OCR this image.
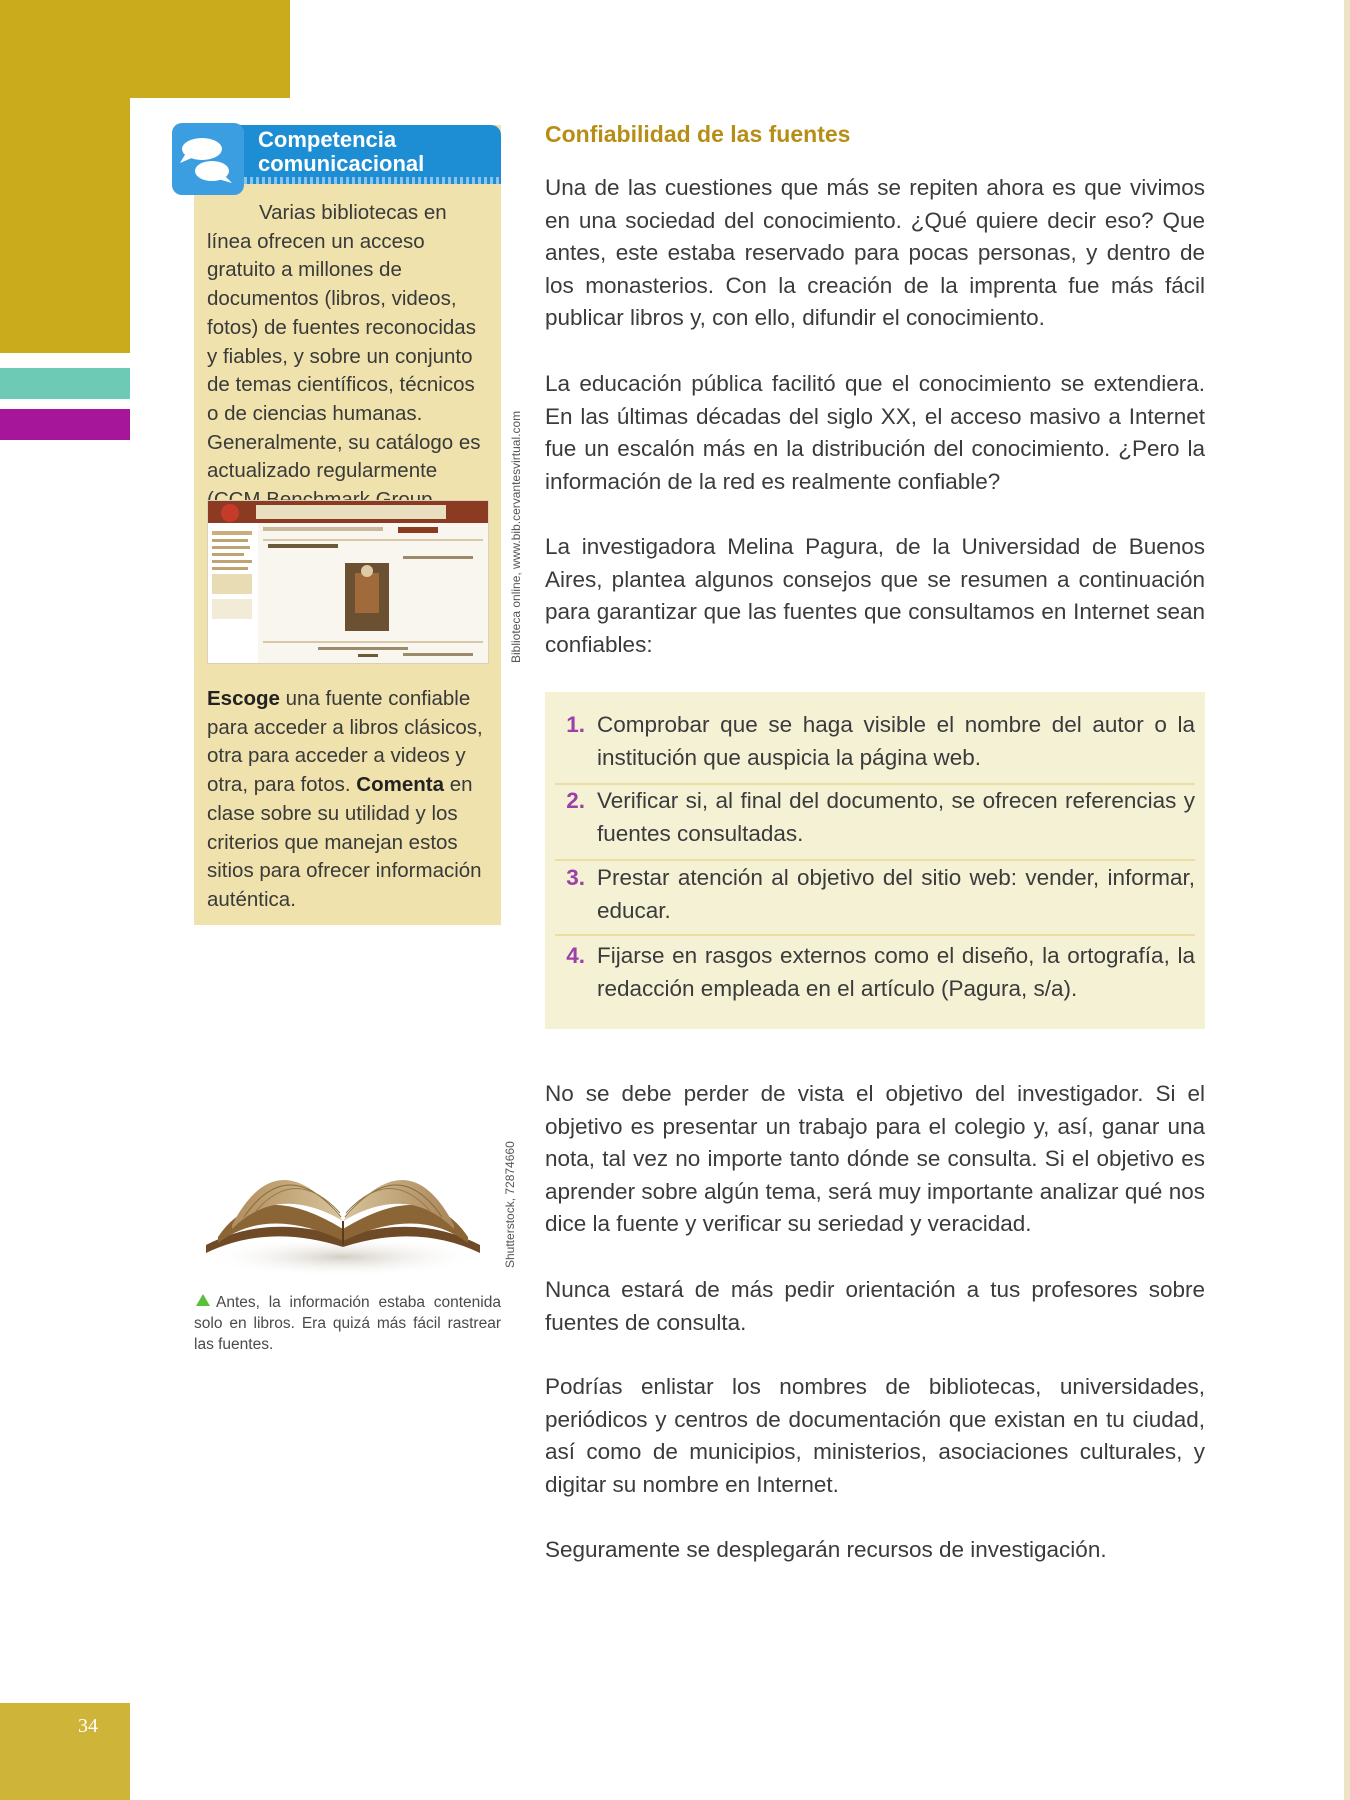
34
Competencia
comunicacional
Varias bibliotecas en línea ofrecen un acceso gratuito a millones de documentos (libros, videos, fotos) de fuentes reconocidas y fiables, y sobre un conjunto de temas científicos, técnicos o de ciencias humanas. Generalmente, su catálogo es actualizado regularmente	Biblioteca online, www.bib.cervantesvirtual.com
Escoge una fuente confiable para acceder a libros clásicos, otra para acceder a videos y otra, para fotos. Comenta en clase sobre su utilidad y los criterios que manejan estos sitios para ofrecer información auténtica.
Shutterstock, 72874660
Antes, la información estaba contenida solo en libros. Era quizá más fácil rastrear las fuentes.
Confiabilidad de las fuentes

Una de las cuestiones que más se repiten ahora es que vivimos en una sociedad del conocimiento. ¿Qué quiere decir eso? Que antes, este estaba reservado para pocas personas, y dentro de los monasterios. Con la creación de la imprenta fue más fácil publicar libros y, con ello, difundir el conocimiento.

La educación pública facilitó que el conocimiento se extendiera. En las últimas décadas del siglo XX, el acceso masivo a Internet fue un escalón más en la distribución del conocimiento. ¿Pero la información de la red es realmente confiable?

La investigadora Melina Pagura, de la Universidad de Buenos Aires, plantea algunos consejos que se resumen a continuación para garantizar que las fuentes que consultamos en Internet sean confiables:

1. Comprobar que se haga visible el nombre del autor o la institución que auspicia la página web.
2. Verificar si, al final del documento, se ofrecen referencias y fuentes consultadas.
3. Prestar atención al objetivo del sitio web: vender, informar, educar.
4. Fijarse en rasgos externos como el diseño, la ortografía, la redacción empleada en el artículo (Pagura, s/a).

No se debe perder de vista el objetivo del investigador. Si el objetivo es presentar un trabajo para el colegio y, así, ganar una nota, tal vez no importe tanto dónde se consulta. Si el objetivo es aprender sobre algún tema, será muy importante analizar qué nos dice la fuente y verificar su seriedad y veracidad.

Nunca estará de más pedir orientación a tus profesores sobre fuentes de consulta.

Podrías enlistar los nombres de bibliotecas, universidades, periódicos y centros de documentación que existan en tu ciudad, así como de municipios, ministerios, asociaciones culturales, y digitar su nombre en Internet.

Seguramente se desplegarán recursos de investigación.
